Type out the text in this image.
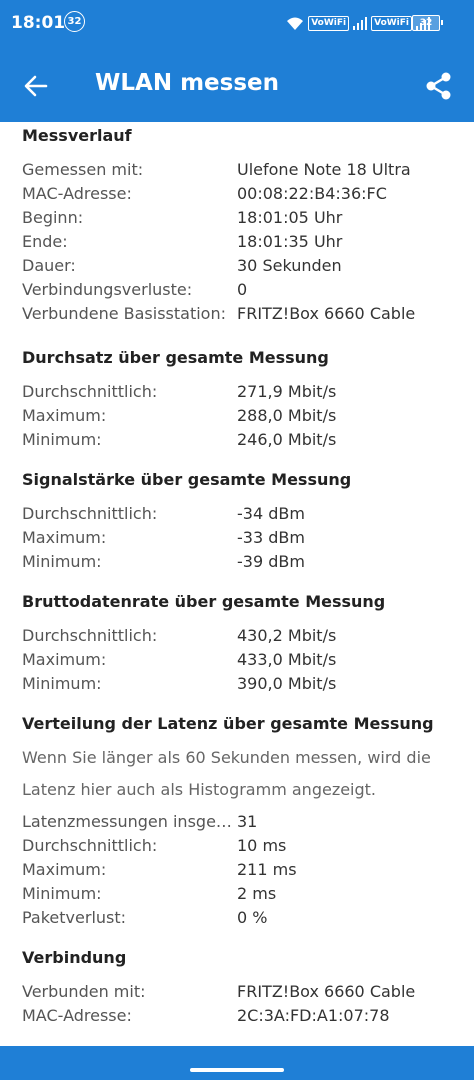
18:01 32	VoWiFi	VoWiFi	32
WLAN messen
Messverlauf
Gemessen mit:	Ulefone Note 18 Ultra
MAC-Adresse:	00:08:22:B4:36:FC
Beginn:	18:01:05 Uhr
Ende:	18:01:35 Uhr
Dauer:	30 Sekunden
Verbindungsverluste:	0
Verbundene Basisstation: FRITZ!Box 6660 Cable
Durchsatz über gesamte Messung
Durchschnittlich:	271,9 Mbit/s
Maximum:	288,0 Mbit/s
Minimum:	246,0 Mbit/s
Signalstärke über gesamte Messung
Durchschnittlich:	-34 dBm
Maximum:	-33 dBm
Minimum:	-39 dBm
Bruttodatenrate über gesamte Messung
Durchschnittlich:	430,2 Mbit/s
Maximum:	433,0 Mbit/s
Minimum:	390,0 Mbit/s
Verteilung der Latenz über gesamte Messung
Wenn Sie länger als 60 Sekunden messen, wird die
Latenz hier auch als Histogramm angezeigt.
Latenzmessungen insge… 31
Durchschnittlich:	10 ms
Maximum:	211 ms
Minimum:	2 ms
Paketverlust:	0 %
Verbindung
Verbunden mit:	FRITZ!Box 6660 Cable
MAC-Adresse:	2C:3A:FD:A1:07:78
